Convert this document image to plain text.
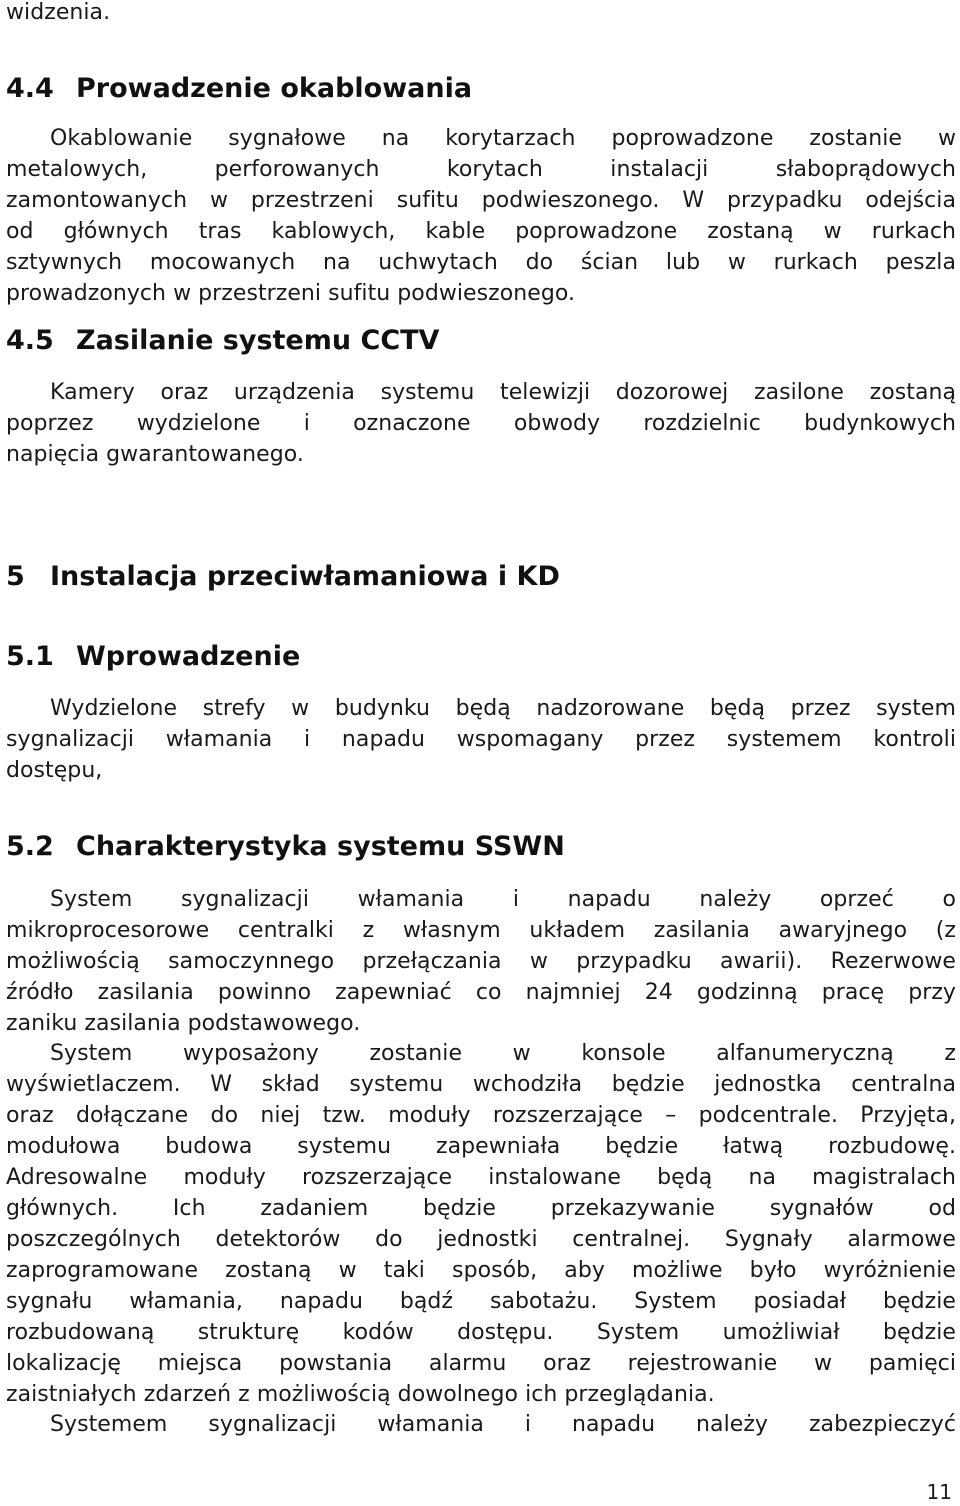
widzenia.
4.4 Prowadzenie okablowania
Okablowanie sygnałowe na korytarzach poprowadzone zostanie w
metalowych, perforowanych korytach instalacji słaboprądowych
zamontowanych w przestrzeni sufitu podwieszonego. W przypadku odejścia
od głównych tras kablowych, kable poprowadzone zostaną w rurkach
sztywnych mocowanych na uchwytach do ścian lub w rurkach peszla
prowadzonych w przestrzeni sufitu podwieszonego.
4.5 Zasilanie systemu CCTV
Kamery oraz urządzenia systemu telewizji dozorowej zasilone zostaną
poprzez wydzielone i oznaczone obwody rozdzielnic budynkowych
napięcia gwarantowanego.
5 Instalacja przeciwłamaniowa i KD
5.1 Wprowadzenie
Wydzielone strefy w budynku będą nadzorowane będą przez system
sygnalizacji włamania i napadu wspomagany przez systemem kontroli
dostępu,
5.2 Charakterystyka systemu SSWN
System sygnalizacji włamania i napadu należy oprzeć o
mikroprocesorowe centralki z własnym układem zasilania awaryjnego (z
możliwością samoczynnego przełączania w przypadku awarii). Rezerwowe
źródło zasilania powinno zapewniać co najmniej 24 godzinną pracę przy
zaniku zasilania podstawowego.
System wyposażony zostanie w konsole alfanumeryczną z
wyświetlaczem. W skład systemu wchodziła będzie jednostka centralna
oraz dołączane do niej tzw. moduły rozszerzające – podcentrale. Przyjęta,
modułowa budowa systemu zapewniała będzie łatwą rozbudowę.
Adresowalne moduły rozszerzające instalowane będą na magistralach
głównych. Ich zadaniem będzie przekazywanie sygnałów od
poszczególnych detektorów do jednostki centralnej. Sygnały alarmowe
zaprogramowane zostaną w taki sposób, aby możliwe było wyróżnienie
sygnału włamania, napadu bądź sabotażu. System posiadał będzie
rozbudowaną strukturę kodów dostępu. System umożliwiał będzie
lokalizację miejsca powstania alarmu oraz rejestrowanie w pamięci
zaistniałych zdarzeń z możliwością dowolnego ich przeglądania.
Systemem sygnalizacji włamania i napadu należy zabezpieczyć
11
